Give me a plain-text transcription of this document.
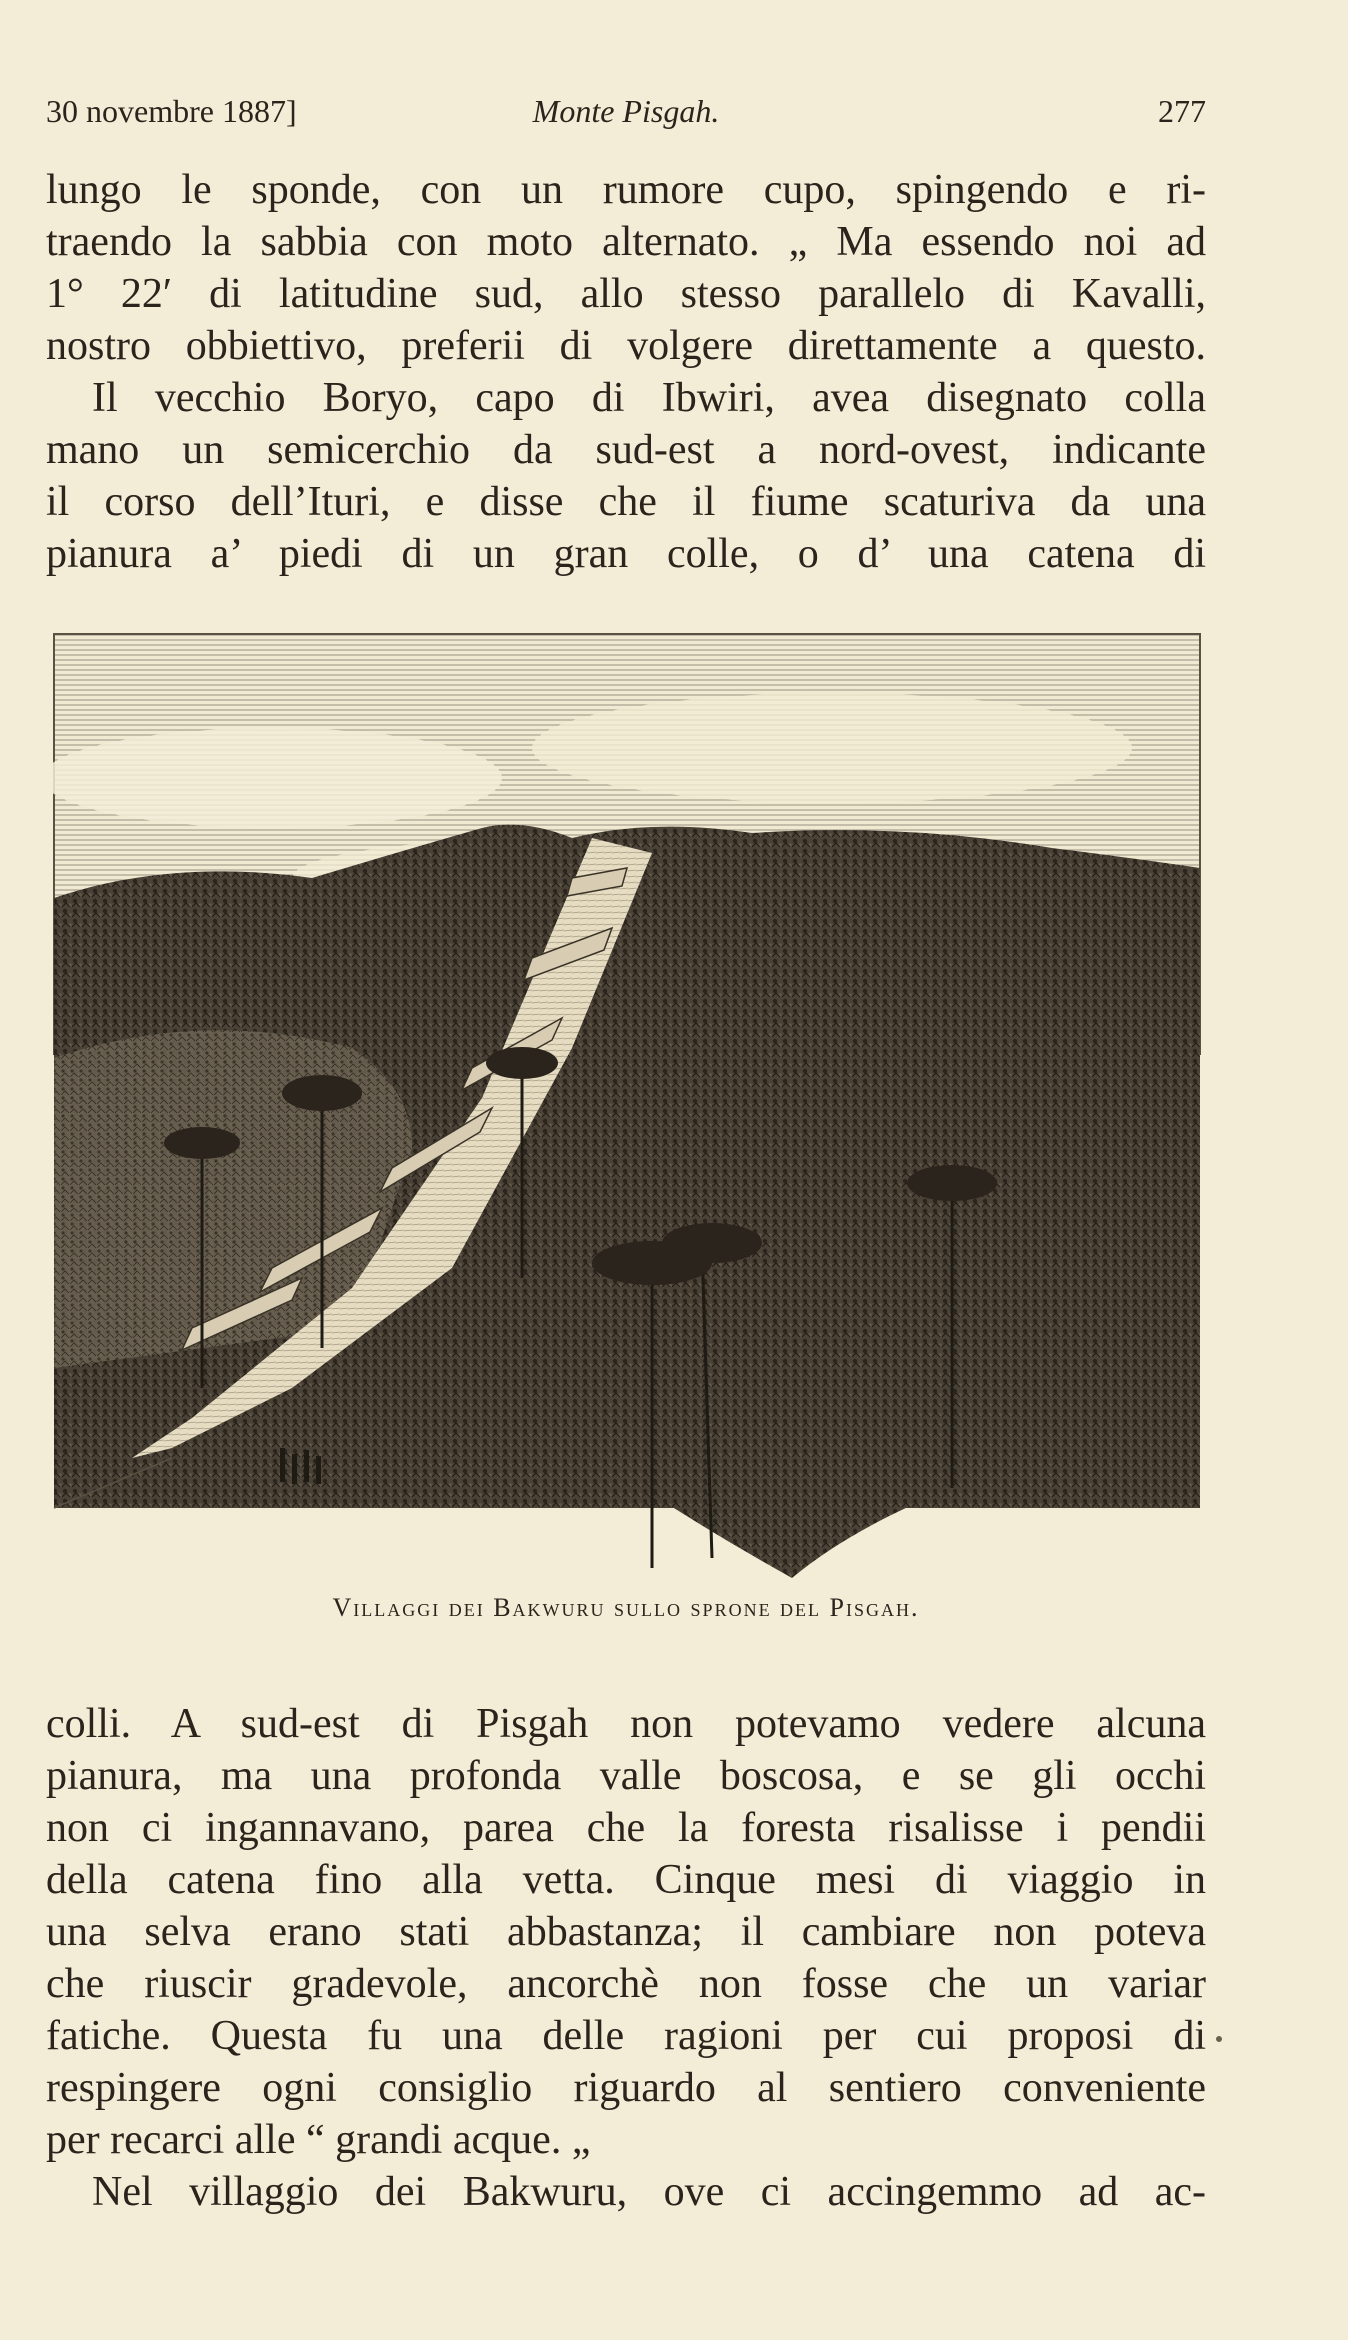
30 novembre 1887]	Monte Pisgah.	277
lungo le sponde, con un rumore cupo, spingendo e ri-
traendo la sabbia con moto alternato. „ Ma essendo noi ad
1° 22′ di latitudine sud, allo stesso parallelo di Kavalli,
nostro obbiettivo, preferii di volgere direttamente a questo.
Il vecchio Boryo, capo di Ibwiri, avea disegnato colla
mano un semicerchio da sud-est a nord-ovest, indicante
il corso dell’Ituri, e disse che il fiume scaturiva da una
pianura a’ piedi di un gran colle, o d’ una catena di
Villaggi dei Bakwuru sullo sprone del Pisgah.
colli. A sud-est di Pisgah non potevamo vedere alcuna
pianura, ma una profonda valle boscosa, e se gli occhi
non ci ingannavano, parea che la foresta risalisse i pendii
della catena fino alla vetta. Cinque mesi di viaggio in
una selva erano stati abbastanza; il cambiare non poteva
che riuscir gradevole, ancorchè non fosse che un variar
fatiche. Questa fu una delle ragioni per cui proposi di
respingere ogni consiglio riguardo al sentiero conveniente
per recarci alle “ grandi acque. „
Nel villaggio dei Bakwuru, ove ci accingemmo ad ac-
